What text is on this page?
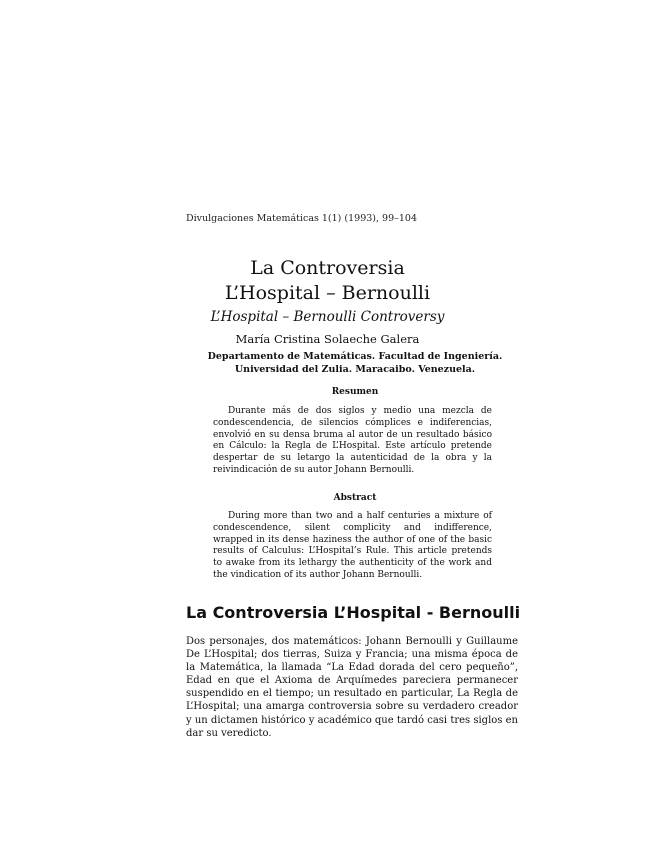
Divulgaciones Matemáticas 1(1) (1993), 99–104
La Controversia
L’Hospital – Bernoulli
L’Hospital – Bernoulli Controversy
María Cristina Solaeche Galera
Departamento de Matemáticas. Facultad de Ingeniería.
Universidad del Zulia. Maracaibo. Venezuela.
Resumen
Durante más de dos siglos y medio una mezcla de condescendencia, de silencios cómplices e indiferencias, envolvió en su densa bruma al autor de un resultado básico en Cálculo: la Regla de L’Hospital. Este artículo pretende despertar de su letargo la autenticidad de la obra y la reivindicación de su autor Johann Bernoulli.
Abstract
During more than two and a half centuries a mixture of condescendence, silent complicity and indifference, wrapped in its dense haziness the author of one of the basic results of Calculus: L’Hospital’s Rule. This article pretends to awake from its lethargy the authenticity of the work and the vindication of its author Johann Bernoulli.
La Controversia L’Hospital - Bernoulli
Dos personajes, dos matemáticos: Johann Bernoulli y Guillaume De L’Hospital; dos tierras, Suiza y Francia; una misma época de la Matemática, la llamada “La Edad dorada del cero pequeño”, Edad en que el Axioma de Arquímedes pareciera permanecer suspendido en el tiempo; un resultado en particular, La Regla de L’Hospital; una amarga controversia sobre su verdadero creador y un dictamen histórico y académico que tardó casi tres siglos en dar su veredicto.
